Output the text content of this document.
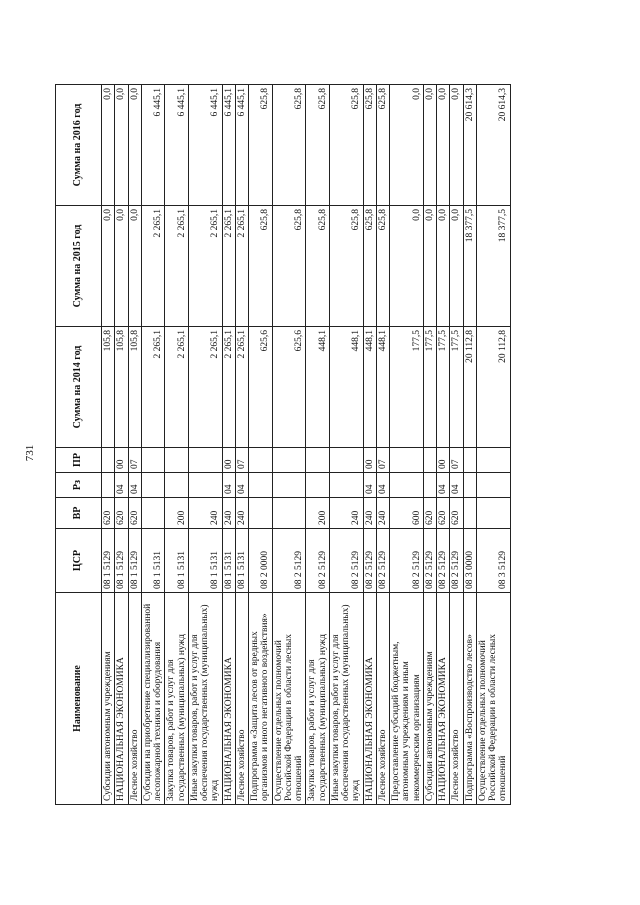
731
Наименование	ЦСР	ВР	Рз	ПР	Сумма на 2014 год	Сумма на 2015 год	Сумма на 2016 год
Субсидии автономным учреждениям	08 1 5129	620			105,8	0,0	0,0
НАЦИОНАЛЬНАЯ ЭКОНОМИКА	08 1 5129	620	04	00	105,8	0,0	0,0
Лесное хозяйство	08 1 5129	620	04	07	105,8	0,0	0,0
Субсидии на приобретение специализированной лесопожарной техники и оборудования	08 1 5131				2 265,1	2 265,1	6 445,1
Закупка товаров, работ и услуг для государственных (муниципальных) нужд	08 1 5131	200			2 265,1	2 265,1	6 445,1
Иные закупки товаров, работ и услуг для обеспечения государственных (муниципальных) нужд	08 1 5131	240			2 265,1	2 265,1	6 445,1
НАЦИОНАЛЬНАЯ ЭКОНОМИКА	08 1 5131	240	04	00	2 265,1	2 265,1	6 445,1
Лесное хозяйство	08 1 5131	240	04	07	2 265,1	2 265,1	6 445,1
Подпрограмма «Защита лесов от вредных организмов и иного негативного воздействия»	08 2 0000				625,6	625,8	625,8
Осуществление отдельных полномочий Российской Федерации в области лесных отношений	08 2 5129				625,6	625,8	625,8
Закупка товаров, работ и услуг для государственных (муниципальных) нужд	08 2 5129	200			448,1	625,8	625,8
Иные закупки товаров, работ и услуг для обеспечения государственных (муниципальных) нужд	08 2 5129	240			448,1	625,8	625,8
НАЦИОНАЛЬНАЯ ЭКОНОМИКА	08 2 5129	240	04	00	448,1	625,8	625,8
Лесное хозяйство	08 2 5129	240	04	07	448,1	625,8	625,8
Предоставление субсидий бюджетным, автономным учреждениям и иным некоммерческим организациям	08 2 5129	600			177,5	0,0	0,0
Субсидии автономным учреждениям	08 2 5129	620			177,5	0,0	0,0
НАЦИОНАЛЬНАЯ ЭКОНОМИКА	08 2 5129	620	04	00	177,5	0,0	0,0
Лесное хозяйство	08 2 5129	620	04	07	177,5	0,0	0,0
Подпрограмма «Воспроизводство лесов»	08 3 0000				20 112,8	18 377,5	20 614,3
Осуществление отдельных полномочий Российской Федерации в области лесных отношений	08 3 5129				20 112,8	18 377,5	20 614,3
